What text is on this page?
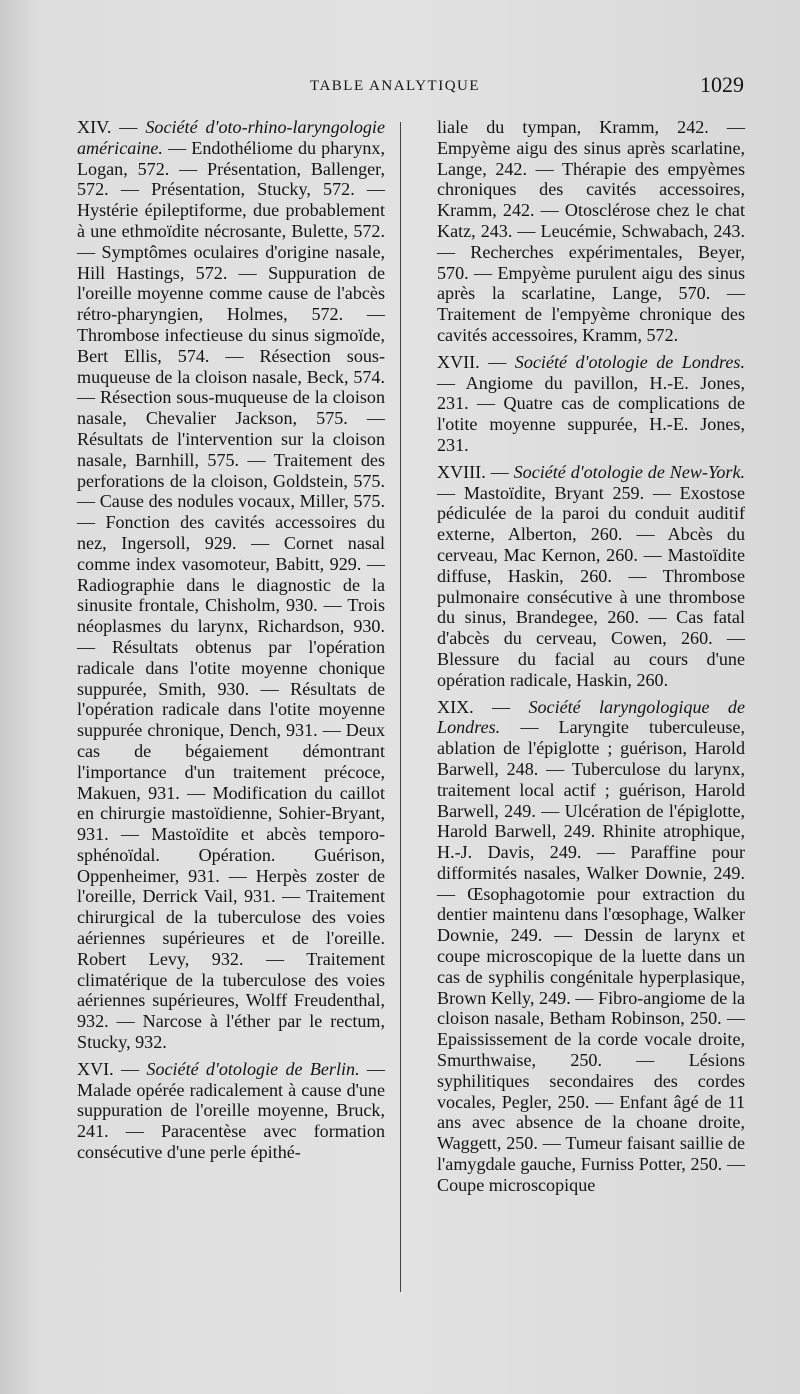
TABLE ANALYTIQUE	1029

XIV. — Société d'oto-rhino-laryngologie américaine. — Endothéliome du pharynx, Logan, 572. — Présentation, Ballenger, 572. — Présentation, Stucky, 572. — Hystérie épileptiforme, due probablement à une ethmoïdite nécrosante, Bulette, 572. — Symptômes oculaires d'origine nasale, Hill Hastings, 572. — Suppuration de l'oreille moyenne comme cause de l'abcès rétro-pharyngien, Holmes, 572. — Thrombose infectieuse du sinus sigmoïde, Bert Ellis, 574. — Résection sous-muqueuse de la cloison nasale, Beck, 574. — Résection sous-muqueuse de la cloison nasale, Chevalier Jackson, 575. — Résultats de l'intervention sur la cloison nasale, Barnhill, 575. — Traitement des perforations de la cloison, Goldstein, 575. — Cause des nodules vocaux, Miller, 575. — Fonction des cavités accessoires du nez, Ingersoll, 929. — Cornet nasal comme index vasomoteur, Babitt, 929. — Radiographie dans le diagnostic de la sinusite frontale, Chisholm, 930. — Trois néoplasmes du larynx, Richardson, 930. — Résultats obtenus par l'opération radicale dans l'otite moyenne chonique suppurée, Smith, 930. — Résultats de l'opération radicale dans l'otite moyenne suppurée chronique, Dench, 931. — Deux cas de bégaiement démontrant l'importance d'un traitement précoce, Makuen, 931. — Modification du caillot en chirurgie mastoïdienne, Sohier-Bryant, 931. — Mastoïdite et abcès temporo-sphénoïdal. Opération. Guérison, Oppenheimer, 931. — Herpès zoster de l'oreille, Derrick Vail, 931. — Traitement chirurgical de la tuberculose des voies aériennes supérieures et de l'oreille. Robert Levy, 932. — Traitement climatérique de la tuberculose des voies aériennes supérieures, Wolff Freudenthal, 932. — Narcose à l'éther par le rectum, Stucky, 932.

XVI. — Société d'otologie de Berlin. — Malade opérée radicalement à cause d'une suppuration de l'oreille moyenne, Bruck, 241. — Paracentèse avec formation consécutive d'une perle épithé-

liale du tympan, Kramm, 242. — Empyème aigu des sinus après scarlatine, Lange, 242. — Thérapie des empyèmes chroniques des cavités accessoires, Kramm, 242. — Otosclérose chez le chat Katz, 243. — Leucémie, Schwabach, 243. — Recherches expérimentales, Beyer, 570. — Empyème purulent aigu des sinus après la scarlatine, Lange, 570. — Traitement de l'empyème chronique des cavités accessoires, Kramm, 572.

XVII. — Société d'otologie de Londres. — Angiome du pavillon, H.-E. Jones, 231. — Quatre cas de complications de l'otite moyenne suppurée, H.-E. Jones, 231.

XVIII. — Société d'otologie de New-York. — Mastoïdite, Bryant 259. — Exostose pédiculée de la paroi du conduit auditif externe, Alberton, 260. — Abcès du cerveau, Mac Kernon, 260. — Mastoïdite diffuse, Haskin, 260. — Thrombose pulmonaire consécutive à une thrombose du sinus, Brandegee, 260. — Cas fatal d'abcès du cerveau, Cowen, 260. — Blessure du facial au cours d'une opération radicale, Haskin, 260.

XIX. — Société laryngologique de Londres. — Laryngite tuberculeuse, ablation de l'épiglotte ; guérison, Harold Barwell, 248. — Tuberculose du larynx, traitement local actif ; guérison, Harold Barwell, 249. — Ulcération de l'épiglotte, Harold Barwell, 249. Rhinite atrophique, H.-J. Davis, 249. — Paraffine pour difformités nasales, Walker Downie, 249. — Œsophagotomie pour extraction du dentier maintenu dans l'œsophage, Walker Downie, 249. — Dessin de larynx et coupe microscopique de la luette dans un cas de syphilis congénitale hyperplasique, Brown Kelly, 249. — Fibro-angiome de la cloison nasale, Betham Robinson, 250. — Epaississement de la corde vocale droite, Smurthwaise, 250. — Lésions syphilitiques secondaires des cordes vocales, Pegler, 250. — Enfant âgé de 11 ans avec absence de la choane droite, Waggett, 250. — Tumeur faisant saillie de l'amygdale gauche, Furniss Potter, 250. — Coupe microscopique
